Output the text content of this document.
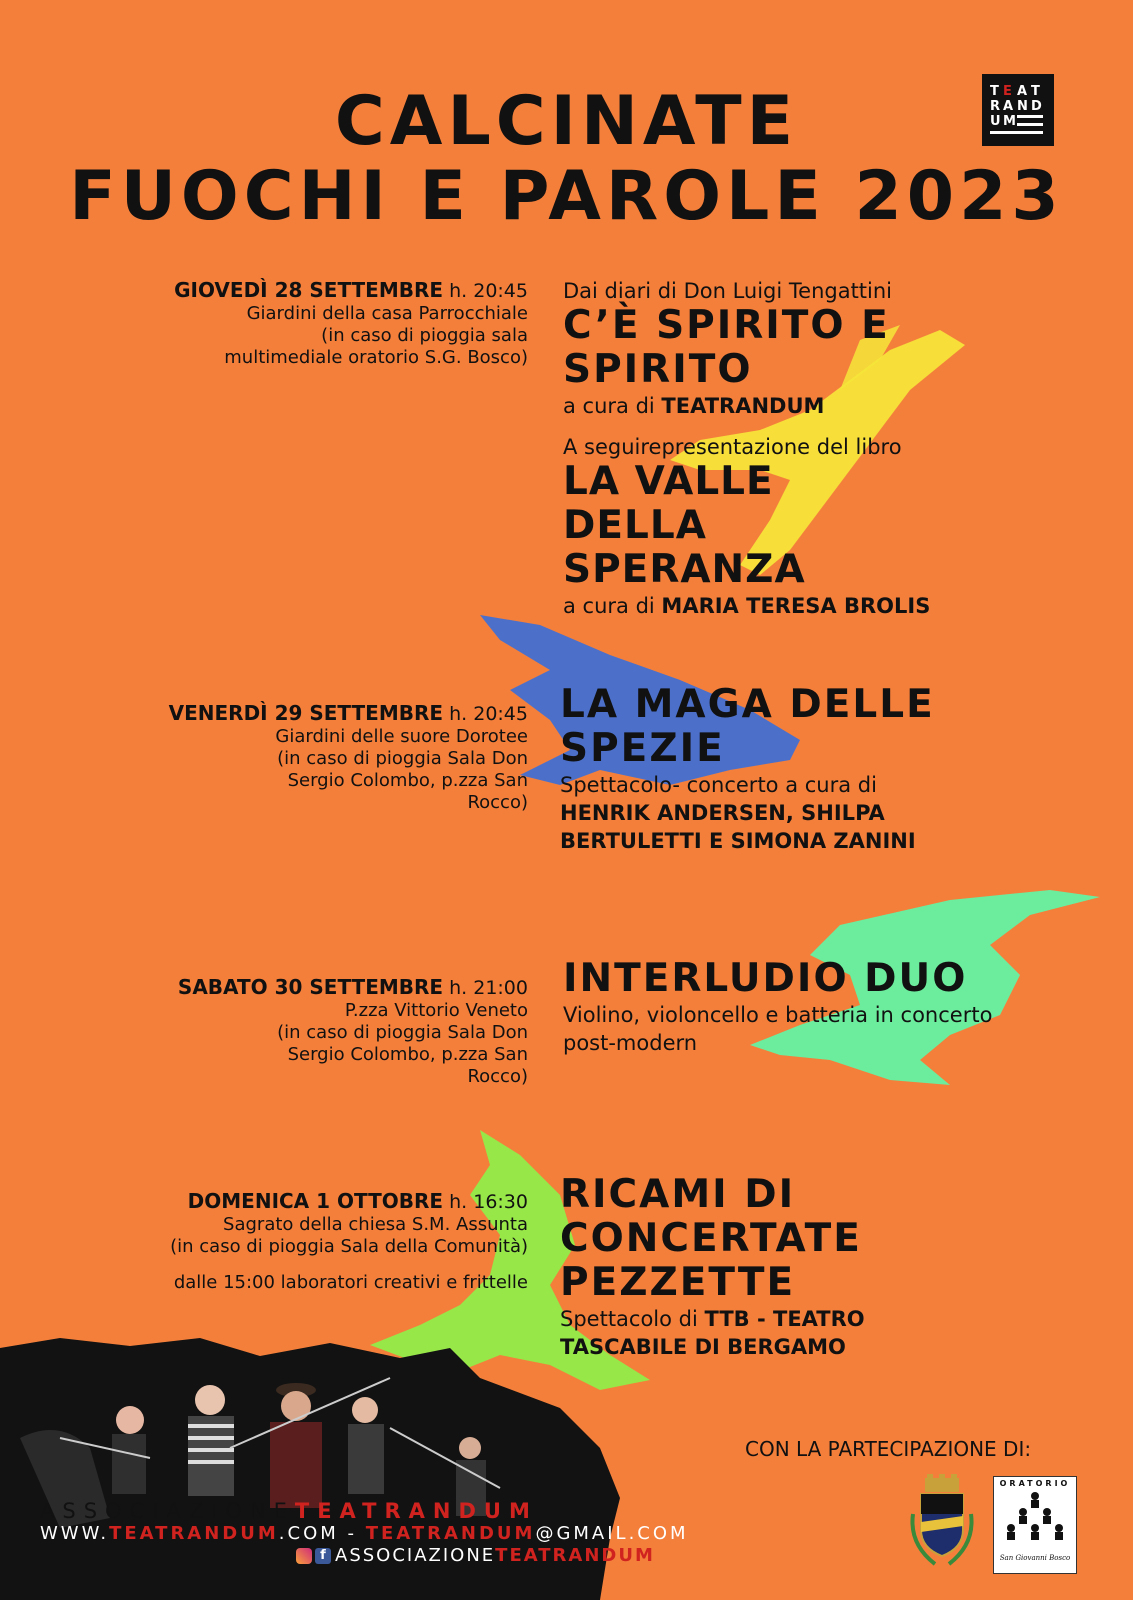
CALCINATE
FUOCHI E PAROLE 2023
T E A T
R A N D
U M
GIOVEDÌ 28 SETTEMBRE h. 20:45
Giardini della casa Parrocchiale
(in caso di pioggia sala multimediale oratorio S.G. Bosco)
Dai diari di Don Luigi Tengattini
C’È SPIRITO E SPIRITO
a cura di TEATRANDUM
A seguirepresentazione del libro
LA VALLE DELLA SPERANZA
a cura di MARIA TERESA BROLIS
VENERDÌ 29 SETTEMBRE h. 20:45
Giardini delle suore Dorotee
(in caso di pioggia Sala Don Sergio Colombo, p.zza San Rocco)
LA MAGA DELLE SPEZIE
Spettacolo- concerto a cura di
HENRIK ANDERSEN, SHILPA BERTULETTI E SIMONA ZANINI
SABATO 30 SETTEMBRE h. 21:00
P.zza Vittorio Veneto
(in caso di pioggia Sala Don Sergio Colombo, p.zza San Rocco)
INTERLUDIO DUO
Violino, violoncello e batteria in concerto post-modern
DOMENICA 1 OTTOBRE h. 16:30
Sagrato della chiesa S.M. Assunta
(in caso di pioggia Sala della Comunità)
dalle 15:00 laboratori creativi e frittelle
RICAMI DI CONCERTATE PEZZETTE
Spettacolo di TTB - TEATRO TASCABILE DI BERGAMO
ASSOCIAZIONETEATRANDUM
WWW.TEATRANDUM.COM - TEATRANDUM@GMAIL.COM
f ASSOCIAZIONE TEATRANDUM
CON LA PARTECIPAZIONE DI:
ORATORIO
San Giovanni Bosco
